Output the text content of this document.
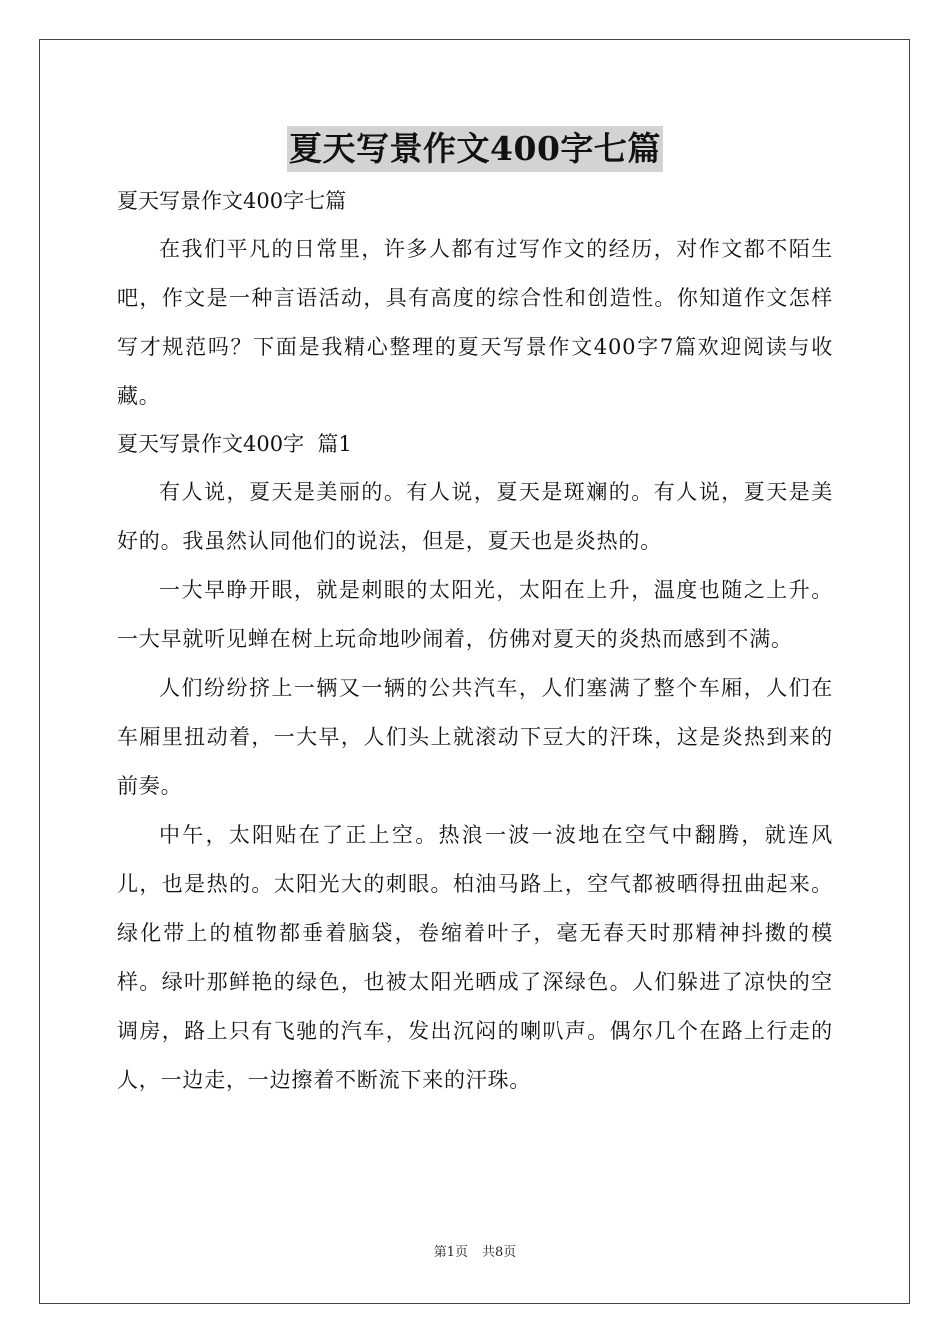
夏天写景作文400字七篇

夏天写景作文400字七篇

在我们平凡的日常里，许多人都有过写作文的经历，对作文都不陌生吧，作文是一种言语活动，具有高度的综合性和创造性。你知道作文怎样写才规范吗？下面是我精心整理的夏天写景作文400字7篇欢迎阅读与收藏。

夏天写景作文400字  篇1

有人说，夏天是美丽的。有人说，夏天是斑斓的。有人说，夏天是美好的。我虽然认同他们的说法，但是，夏天也是炎热的。

一大早睁开眼，就是刺眼的太阳光，太阳在上升，温度也随之上升。一大早就听见蝉在树上玩命地吵闹着，仿佛对夏天的炎热而感到不满。

人们纷纷挤上一辆又一辆的公共汽车，人们塞满了整个车厢，人们在车厢里扭动着，一大早，人们头上就滚动下豆大的汗珠，这是炎热到来的前奏。

中午，太阳贴在了正上空。热浪一波一波地在空气中翻腾，就连风儿，也是热的。太阳光大的刺眼。柏油马路上，空气都被晒得扭曲起来。绿化带上的植物都垂着脑袋，卷缩着叶子，毫无春天时那精神抖擞的模样。绿叶那鲜艳的绿色，也被太阳光晒成了深绿色。人们躲进了凉快的空调房，路上只有飞驰的汽车，发出沉闷的喇叭声。偶尔几个在路上行走的人，一边走，一边擦着不断流下来的汗珠。

第1页 共8页
